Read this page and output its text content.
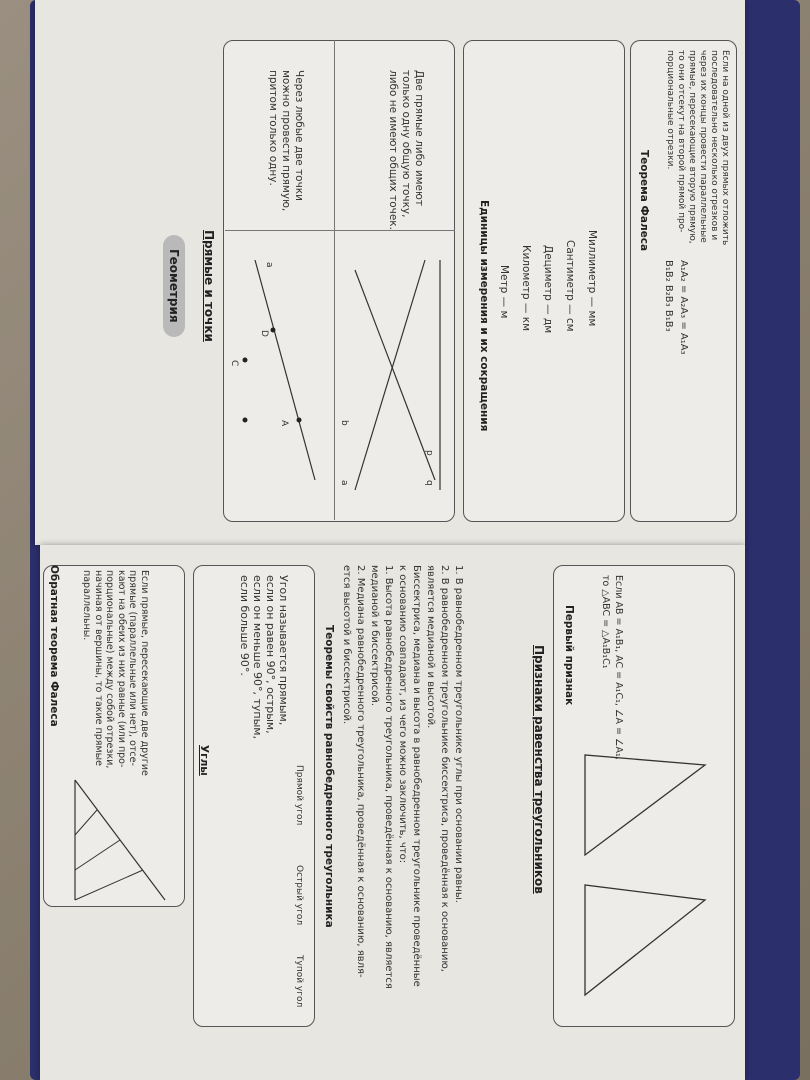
Геометрия	Прямые и точки
Через любые две точки
можно провести прямую,
притом только одну.
Две прямые либо имеют
только одну общую точку,
либо не имеют общих точек.
a
D
A
C
a
b
p
q
Единицы измерения и их сокращения Метр — м Километр — км Дециметр — дм Сантиметр — см Миллиметр — мм
Теорема Фалеса
Если на одной из двух прямых отложить
последовательно несколько отрезков и
через их концы провести параллельные
прямые, пересекающие вторую прямую,
то они отсекут на второй прямой про-
порциональные отрезки.
A₁A₂ = A₂A₃ = A₁A₃
B₁B₂ B₂B₃ B₁B₃
Обратная теорема Фалеса	Если прямые, пересекающие две другие
прямые (параллельные или нет), отсе-
кают на обеих из них равные (или про-
порциональные) между собой отрезки,
начиная от вершины, то такие прямые
параллельны.
Углы
Угол называется прямым,
если он равен 90°, острым,
если он меньше 90°, тупым,
если больше 90°.
Прямой угол
Острый угол
Тупой угол
Теоремы свойств равнобедренного треугольника
1. В равнобедренном треугольнике углы при основании равны.
2. В равнобедренном треугольнике биссектриса, проведённая к основанию,
является медианой и высотой.
Биссектриса, медиана и высота в равнобедренном треугольнике проведённые
к основанию совпадают, из чего можно заключить, что:
1. Высота равнобедренного треугольника, проведённая к основанию, является
медианой и биссектрисой.
2. Медиана равнобедренного треугольника, проведённая к основанию, явля-
ется высотой и биссектрисой.	Признаки равенства треугольников Первый признак
Если AB = A₁B₁, AC = A₁C₁, ∠A = ∠A₁,
то △ABC = △A₁B₁C₁
